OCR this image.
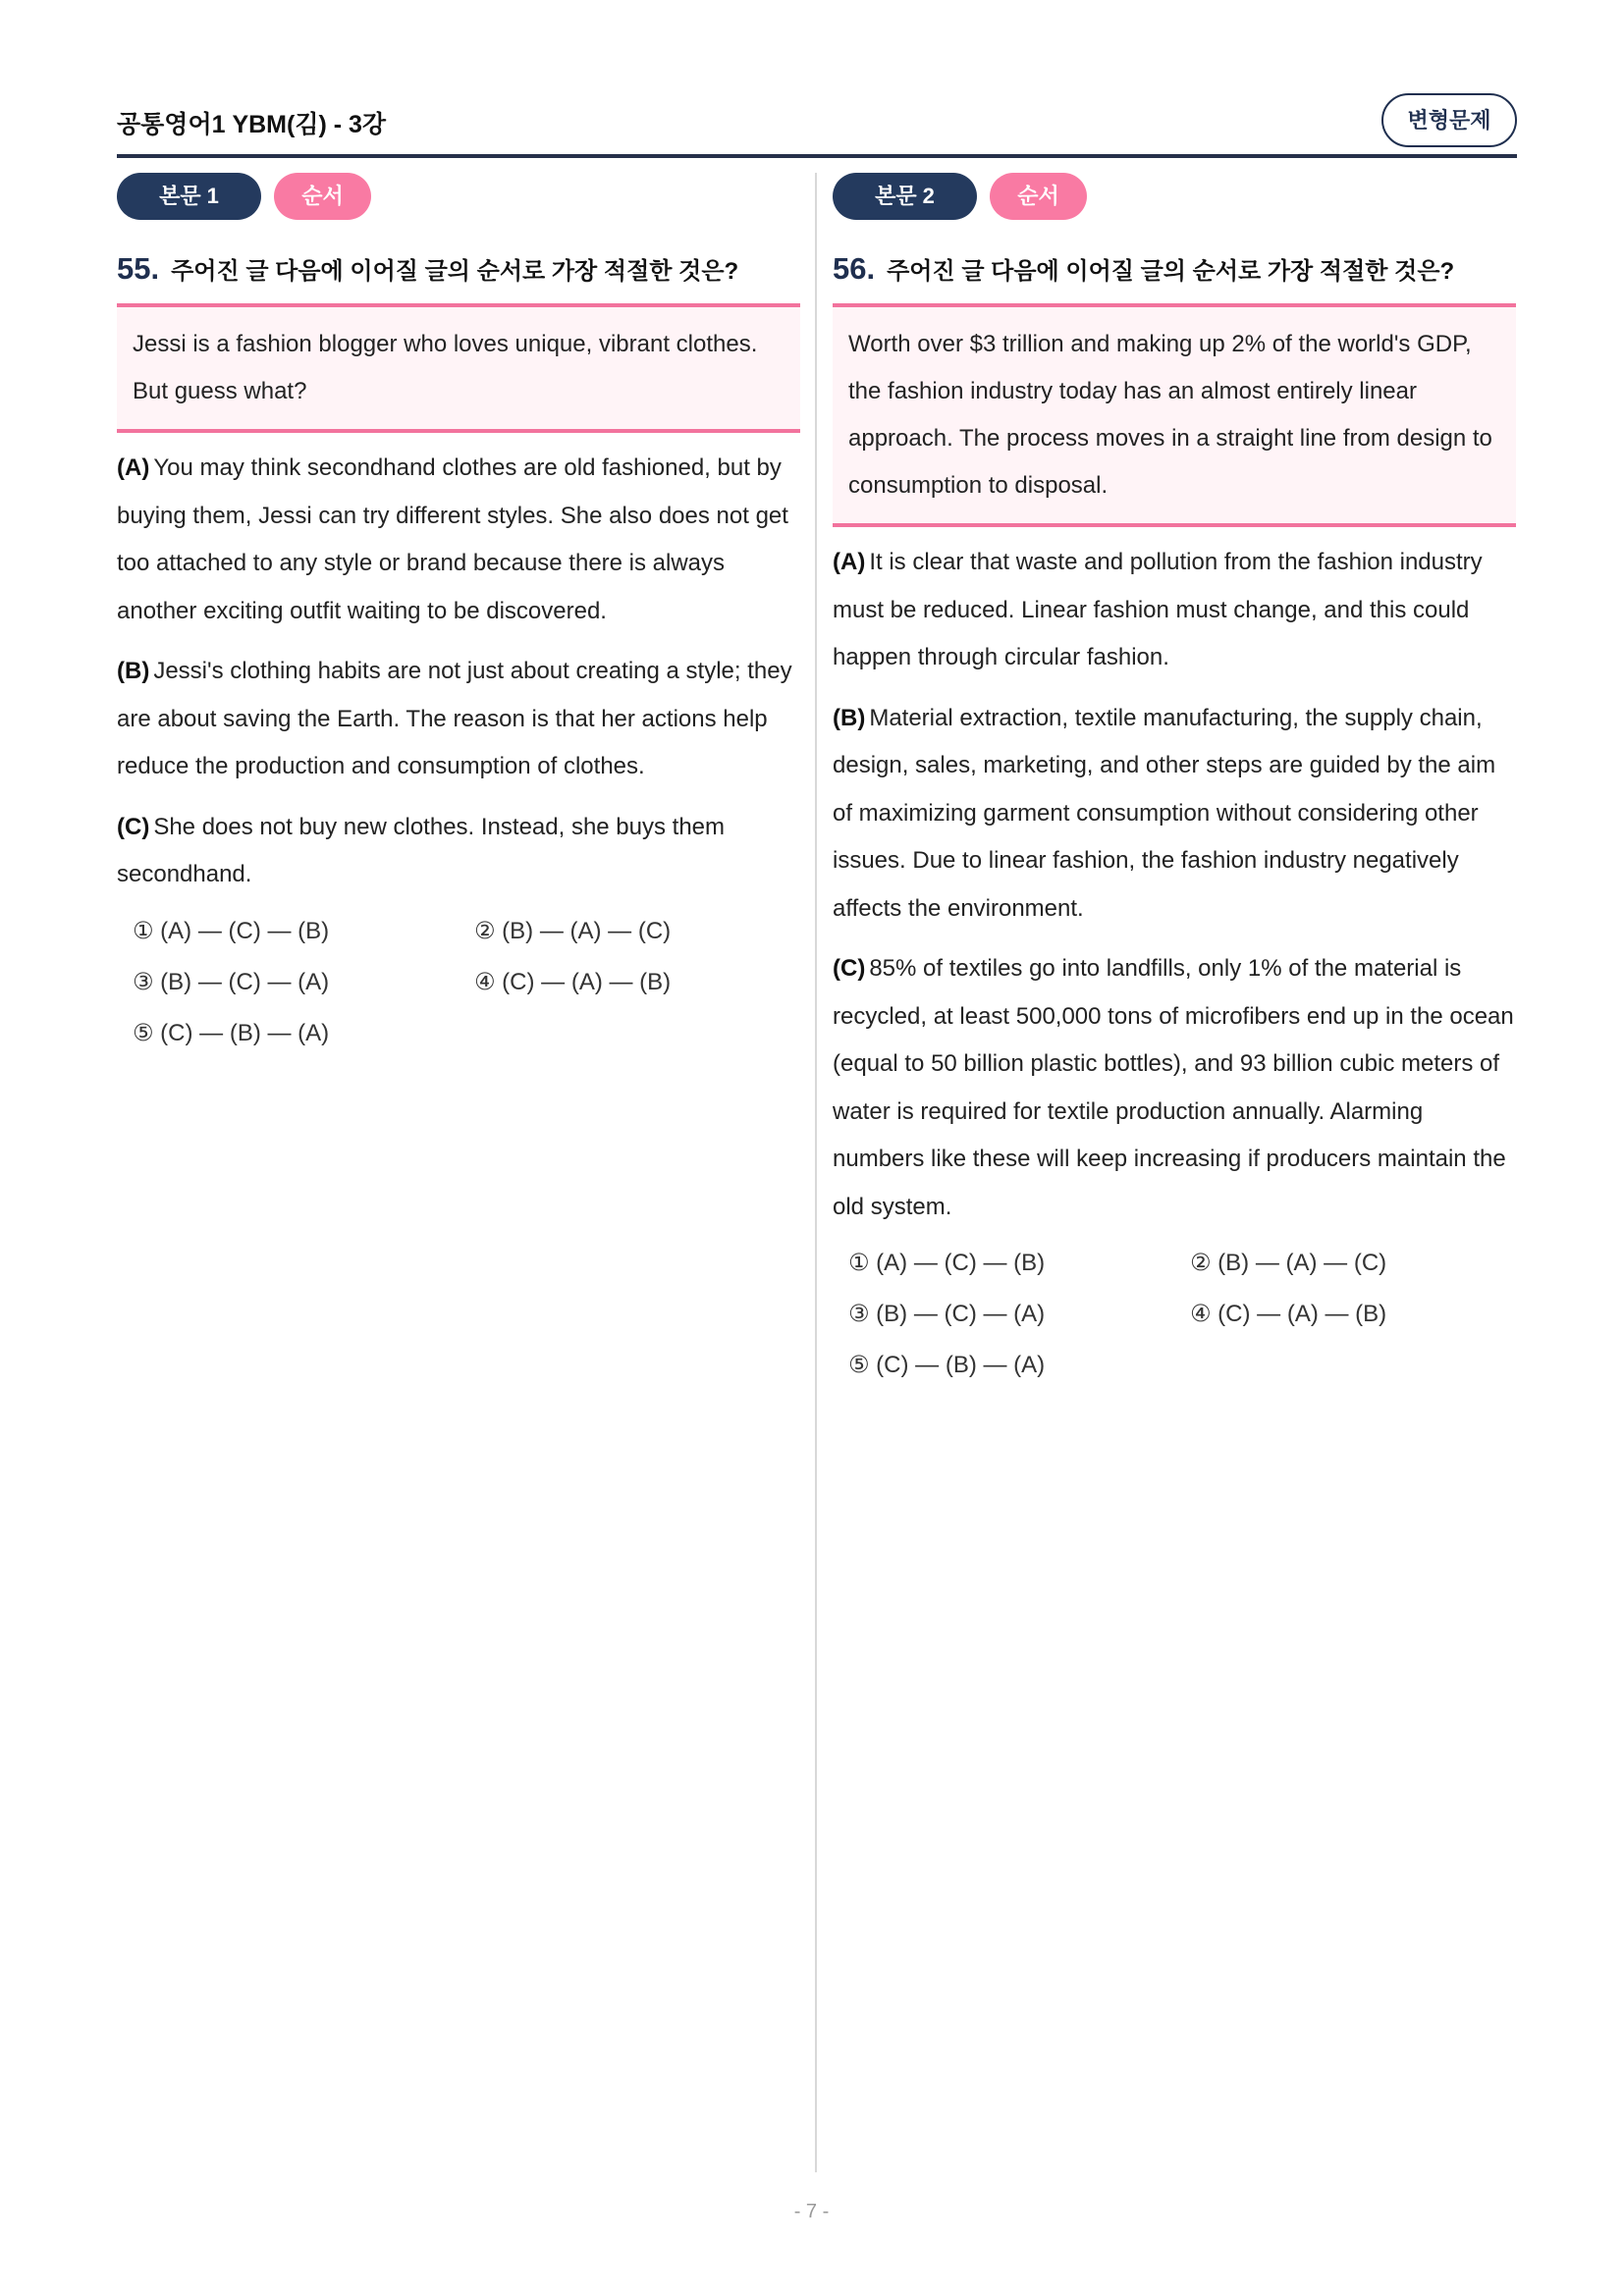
공통영어1 YBM(김) - 3강	변형문제
본문 1	순서
55. 주어진 글 다음에 이어질 글의 순서로 가장 적절한 것은?
Jessi is a fashion blogger who loves unique, vibrant clothes. But guess what?
(A) You may think secondhand clothes are old fashioned, but by buying them, Jessi can try different styles. She also does not get too attached to any style or brand because there is always another exciting outfit waiting to be discovered.
(B) Jessi's clothing habits are not just about creating a style; they are about saving the Earth. The reason is that her actions help reduce the production and consumption of clothes.
(C) She does not buy new clothes. Instead, she buys them secondhand.
① (A) — (C) — (B)	② (B) — (A) — (C)
③ (B) — (C) — (A)	④ (C) — (A) — (B)
⑤ (C) — (B) — (A)
본문 2	순서
56. 주어진 글 다음에 이어질 글의 순서로 가장 적절한 것은?
Worth over $3 trillion and making up 2% of the world's GDP, the fashion industry today has an almost entirely linear approach. The process moves in a straight line from design to consumption to disposal.
(A) It is clear that waste and pollution from the fashion industry must be reduced. Linear fashion must change, and this could happen through circular fashion.
(B) Material extraction, textile manufacturing, the supply chain, design, sales, marketing, and other steps are guided by the aim of maximizing garment consumption without considering other issues. Due to linear fashion, the fashion industry negatively affects the environment.
(C) 85% of textiles go into landfills, only 1% of the material is recycled, at least 500,000 tons of microfibers end up in the ocean (equal to 50 billion plastic bottles), and 93 billion cubic meters of water is required for textile production annually. Alarming numbers like these will keep increasing if producers maintain the old system.
① (A) — (C) — (B)	② (B) — (A) — (C)
③ (B) — (C) — (A)	④ (C) — (A) — (B)
⑤ (C) — (B) — (A)
- 7 -
